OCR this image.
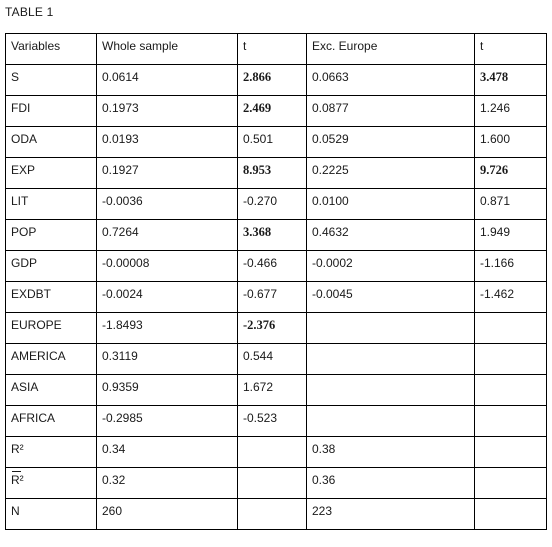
TABLE 1
Variables	Whole sample	t	Exc. Europe	t

S	0.0614	2.866	0.0663	3.478

FDI	0.1973	2.469	0.0877	1.246

ODA	0.0193	0.501	0.0529	1.600

EXP	0.1927	8.953	0.2225	9.726

LIT	-0.0036	-0.270	0.0100	0.871

POP	0.7264	3.368	0.4632	1.949

GDP	-0.00008	-0.466	-0.0002	-1.166

EXDBT	-0.0024	-0.677	-0.0045	-1.462

EUROPE	-1.8493	-2.376		

AMERICA	0.3119	0.544		

ASIA	0.9359	1.672		

AFRICA	-0.2985	-0.523		

R²	0.34		0.38	

R²	0.32		0.36	

N	260		223	
